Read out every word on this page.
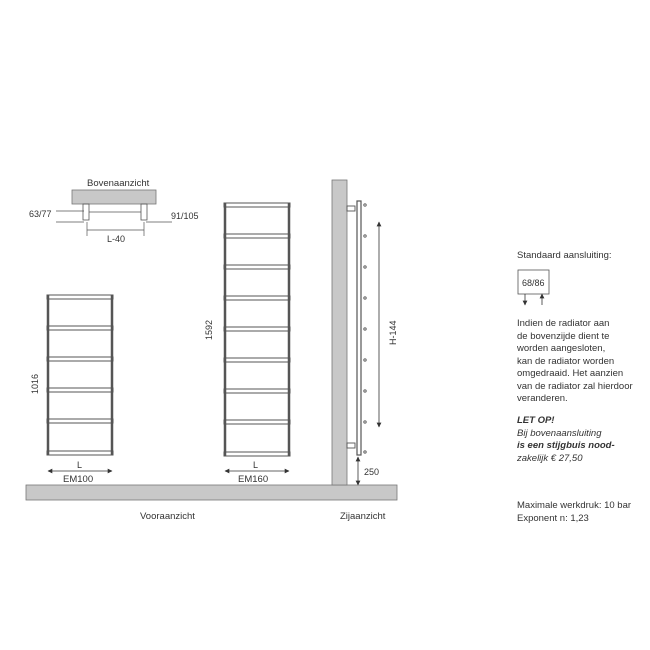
Bovenaanzicht
63/77	91/105
L-40
1016
L
EM100
1592
L
EM160
Vooraanzicht	Zijaanzicht
H-144
250
68/86
Standaard aansluiting:
Indien de radiator aan
de bovenzijde dient te
worden aangesloten,
kan de radiator worden
omgedraaid. Het aanzien
van de radiator zal hierdoor
veranderen.
LET OP!
Bij bovenaansluiting
is een stijgbuis nood-
zakelijk € 27,50
Maximale werkdruk: 10 bar
Exponent n: 1,23
